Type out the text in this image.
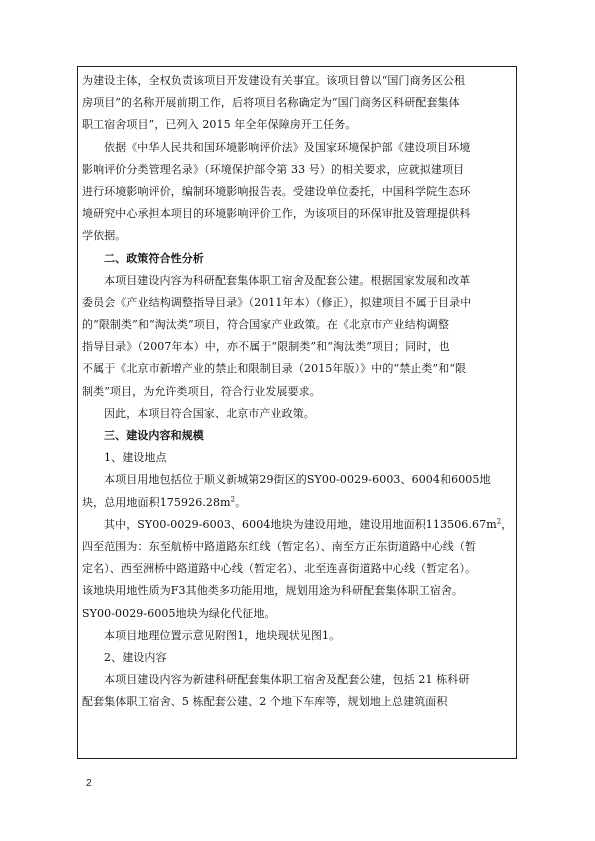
为建设主体，全权负责该项目开发建设有关事宜。该项目曾以“国门商务区公租
房项目”的名称开展前期工作，后将项目名称确定为“国门商务区科研配套集体
职工宿舍项目”，已列入 2015 年全年保障房开工任务。
依据《中华人民共和国环境影响评价法》及国家环境保护部《建设项目环境
影响评价分类管理名录》（环境保护部令第 33 号）的相关要求，应就拟建项目
进行环境影响评价，编制环境影响报告表。受建设单位委托，中国科学院生态环
境研究中心承担本项目的环境影响评价工作，为该项目的环保审批及管理提供科
学依据。
二、政策符合性分析
本项目建设内容为科研配套集体职工宿舍及配套公建。根据国家发展和改革
委员会《产业结构调整指导目录》（2011年本）（修正），拟建项目不属于目录中
的“限制类”和“淘汰类”项目，符合国家产业政策。在《北京市产业结构调整
指导目录》（2007年本）中，亦不属于“限制类”和“淘汰类”项目；同时，也
不属于《北京市新增产业的禁止和限制目录（2015年版）》中的“禁止类”和“限
制类”项目，为允许类项目，符合行业发展要求。
因此，本项目符合国家、北京市产业政策。
三、建设内容和规模
1、建设地点
本项目用地包括位于顺义新城第29街区的SY00-0029-6003、6004和6005地
块，总用地面积$175926.28m^2$。
其中，SY00-0029-6003、6004地块为建设用地，建设用地面积$113506.67m^2$，
四至范围为：东至航桥中路道路东红线（暂定名）、南至方正东街道路中心线（暂
定名）、西至洲桥中路道路中心线（暂定名）、北至连喜街道路中心线（暂定名）。
该地块用地性质为F3其他类多功能用地，规划用途为科研配套集体职工宿舍。
SY00-0029-6005地块为绿化代征地。
本项目地理位置示意见附图1，地块现状见图1。
2、建设内容
本项目建设内容为新建科研配套集体职工宿舍及配套公建，包括 21 栋科研
配套集体职工宿舍、5 栋配套公建、2 个地下车库等，规划地上总建筑面积
2
